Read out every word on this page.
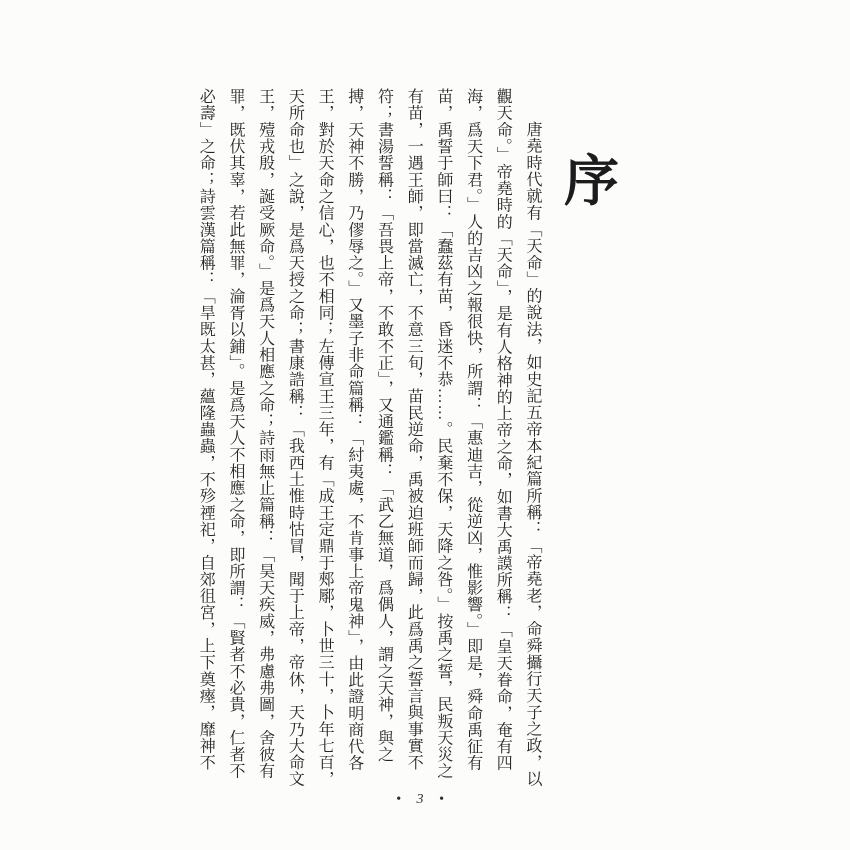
序
唐堯時代就有「天命」的說法，如史記五帝本紀篇所稱：「帝堯老，命舜攝行天子之政，以
觀天命。」帝堯時的「天命」，是有人格神的上帝之命，如書大禹謨所稱：「皇天眷命，奄有四
海，爲天下君。」人的吉凶之報很快，所謂：「惠迪吉，從逆凶，惟影響。」即是，舜命禹征有
苗，禹誓于師曰：「蠢茲有苗，昏迷不恭……。民棄不保，天降之咎。」按禹之誓，民叛天災之
有苗，一遇王師，即當滅亡，不意三旬，苗民逆命，禹被迫班師而歸，此爲禹之誓言與事實不
符；書湯誓稱：「吾畏上帝，不敢不正」，又通鑑稱：「武乙無道，爲偶人，謂之天神，與之
搏，天神不勝，乃僇辱之。」又墨子非命篇稱：「紂夷處，不肯事上帝鬼神」，由此證明商代各
王，對於天命之信心，也不相同；左傳宣王三年，有「成王定鼎于郟鄏，卜世三十，卜年七百，
天所命也」之說，是爲天授之命；書康誥稱：「我西土惟時怙冒，聞于上帝，帝休，天乃大命文
王，殪戎殷，誕受厥命。」是爲天人相應之命；詩雨無止篇稱：「昊天疾威，弗慮弗圖，舍彼有
罪，既伏其辜，若此無罪，淪胥以鋪」。是爲天人不相應之命，即所謂：「賢者不必貴，仁者不
必壽」之命；詩雲漢篇稱：「旱既太甚，蘊隆蟲蟲，不殄禋祀，自郊徂宮，上下奠瘞，靡神不
• 3 •
